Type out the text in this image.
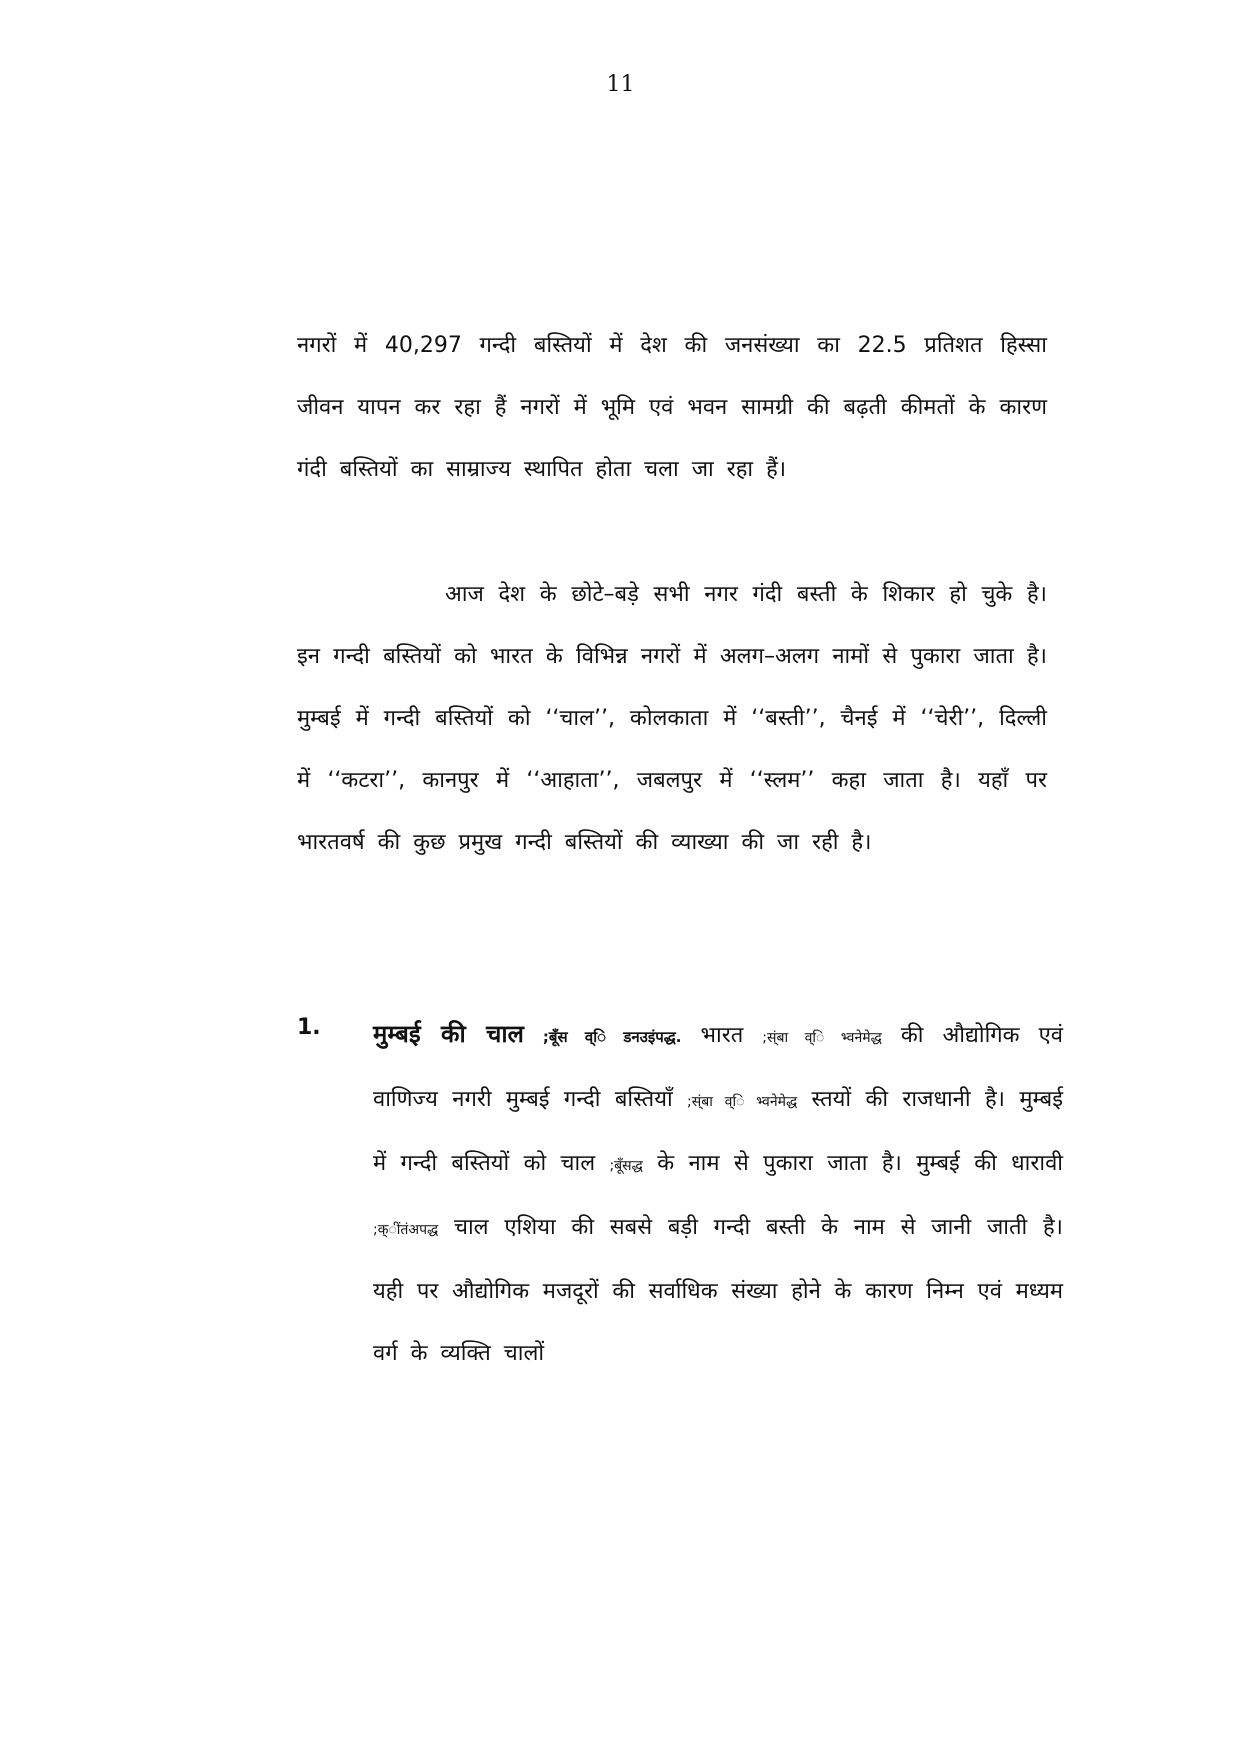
11

नगरों में 40,297 गन्दी बस्तियों में देश की जनसंख्या का 22.5 प्रतिशत हिस्सा जीवन यापन कर रहा हैं नगरों में भूमि एवं भवन सामग्री की बढ़ती कीमतों के कारण गंदी बस्तियों का साम्राज्य स्थापित होता चला जा रहा हैं।

आज देश के छोटे–बड़े सभी नगर गंदी बस्ती के शिकार हो चुके है। इन गन्दी बस्तियों को भारत के विभिन्न नगरों में अलग–अलग नामों से पुकारा जाता है। मुम्बई में गन्दी बस्तियों को ‘‘चाल’’, कोलकाता में ‘‘बस्ती’’, चैनई में ‘‘चेरी’’, दिल्ली में ‘‘कटरा’’, कानपुर में ‘‘आहाता’’, जबलपुर में ‘‘स्लम’’ कहा जाता है। यहाँ पर भारतवर्ष की कुछ प्रमुख गन्दी बस्तियों की व्याख्या की जा रही है।

1. मुम्बई की चाल ;बूँस व्ि डनउइंपद्ध. भारत ;स्ंबा व्ि भ्वनेमेद्ध की औद्योगिक एवं वाणिज्य नगरी मुम्बई गन्दी बस्तियाँ ;स्ंबा व्ि भ्वनेमेद्ध स्तयों की राजधानी है। मुम्बई में गन्दी बस्तियों को चाल ;बूँसद्ध के नाम से पुकारा जाता है। मुम्बई की धारावी ;क्ींतंअपद्ध चाल एशिया की सबसे बड़ी गन्दी बस्ती के नाम से जानी जाती है। यही पर औद्योगिक मजदूरों की सर्वाधिक संख्या होने के कारण निम्न एवं मध्यम वर्ग के व्यक्ति चालों
